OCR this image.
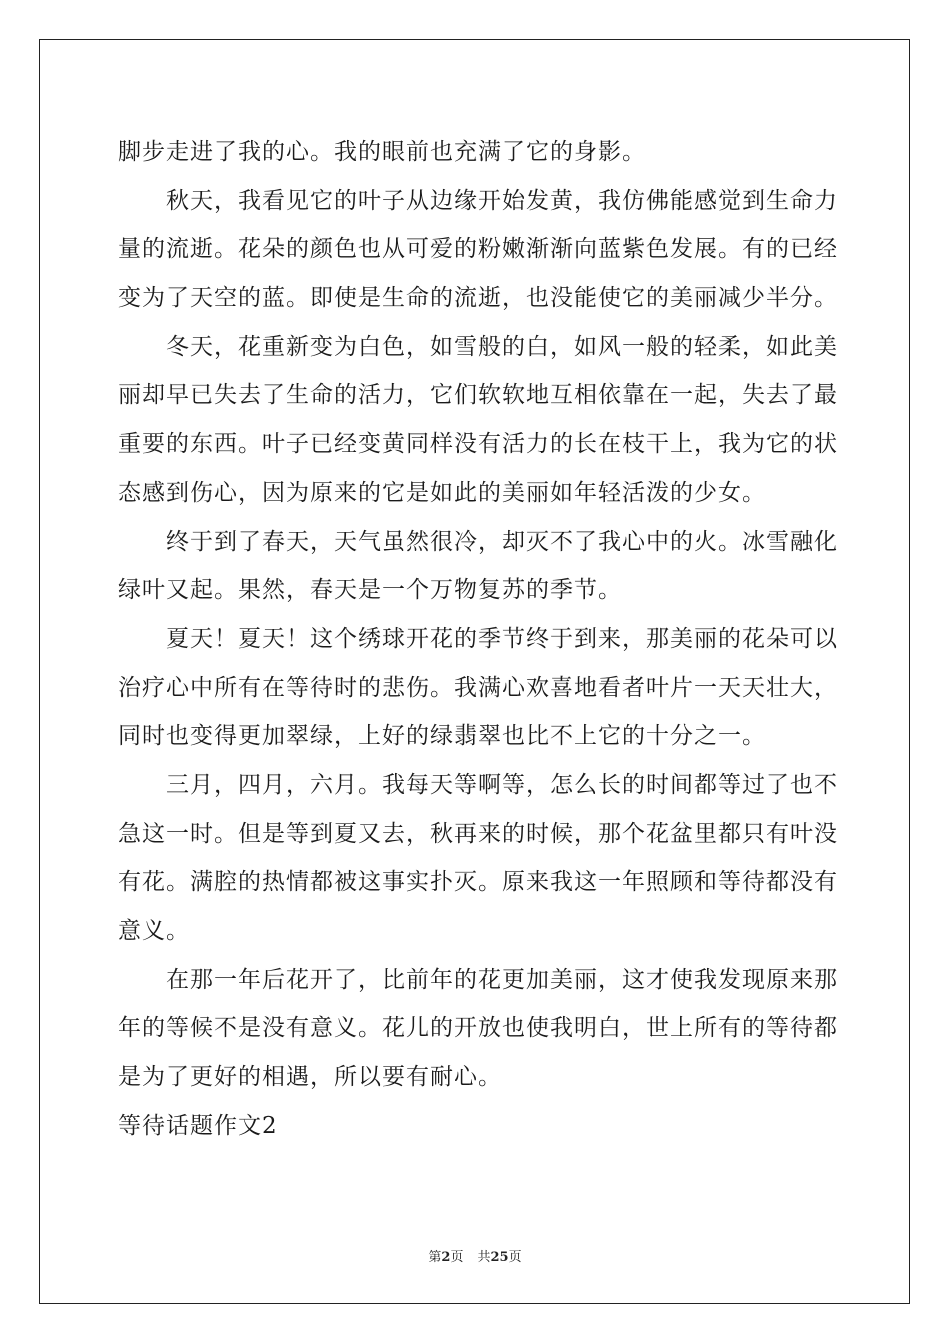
脚步走进了我的心。我的眼前也充满了它的身影。
秋天，我看见它的叶子从边缘开始发黄，我仿佛能感觉到生命力
量的流逝。花朵的颜色也从可爱的粉嫩渐渐向蓝紫色发展。有的已经
变为了天空的蓝。即使是生命的流逝，也没能使它的美丽减少半分。
冬天，花重新变为白色，如雪般的白，如风一般的轻柔，如此美
丽却早已失去了生命的活力，它们软软地互相依靠在一起，失去了最
重要的东西。叶子已经变黄同样没有活力的长在枝干上，我为它的状
态感到伤心，因为原来的它是如此的美丽如年轻活泼的少女。
终于到了春天，天气虽然很冷，却灭不了我心中的火。冰雪融化
绿叶又起。果然，春天是一个万物复苏的季节。
夏天！夏天！这个绣球开花的季节终于到来，那美丽的花朵可以
治疗心中所有在等待时的悲伤。我满心欢喜地看者叶片一天天壮大，
同时也变得更加翠绿，上好的绿翡翠也比不上它的十分之一。
三月，四月，六月。我每天等啊等，怎么长的时间都等过了也不
急这一时。但是等到夏又去，秋再来的时候，那个花盆里都只有叶没
有花。满腔的热情都被这事实扑灭。原来我这一年照顾和等待都没有
意义。
在那一年后花开了，比前年的花更加美丽，这才使我发现原来那
年的等候不是没有意义。花儿的开放也使我明白，世上所有的等待都
是为了更好的相遇，所以要有耐心。
等待话题作文2
第2页 共25页
